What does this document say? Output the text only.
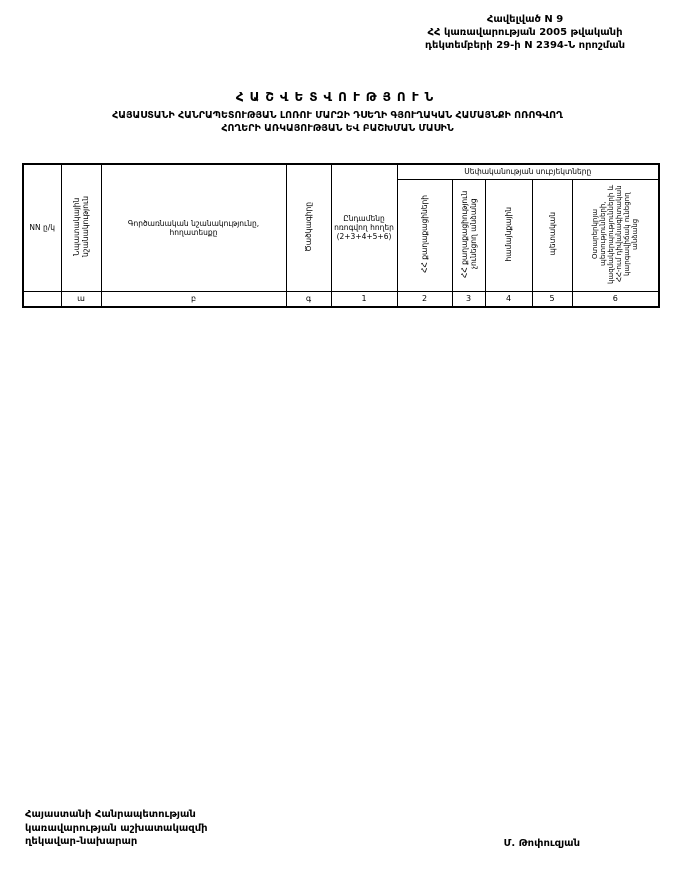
Հավելված N 9
ՀՀ կառավարության 2005 թվականի
դեկտեմբերի 29-ի N 2394-Ն որոշման
ՀԱՇՎԵՏՎՈՒԹՅՈՒՆ
ՀԱՅԱՍՏԱՆԻ ՀԱՆՐԱՊԵՏՈՒԹՅԱՆ ԼՈՌՈՒ ՄԱՐԶԻ ԴՍԵՂԻ ԳՅՈՒՂԱԿԱՆ ՀԱՄԱՅՆՔԻ ՈՌՈԳՎՈՂ
ՀՈՂԵՐԻ ԱՌԿԱՅՈՒԹՅԱՆ ԵՎ ԲԱՇԽՄԱՆ ՄԱՍԻՆ
NN ը/կ	Նպատակային նշանակություն	Գործառնական նշանակությունը, հողատեսքը	Ծածկագիրը	Ընդամենը ոռոգվող հողեր (2+3+4+5+6)	Սեփականության սուբյեկտները				
					ՀՀ քաղաքացիների	ՀՀ քաղաքացիություն չունեցող անձանց	համայնքային	պետական	Օտարերկրյա պետությունների, կազմակերպությունների և ՀՀ-ում դիվանագիտական կարգավիճակ ունեցող անձանց
	ա	բ	գ	1	2	3	4	5	6
Հայաստանի Հանրապետության
կառավարության աշխատակազմի
ղեկավար-նախարար	Մ. Թոփուզյան
